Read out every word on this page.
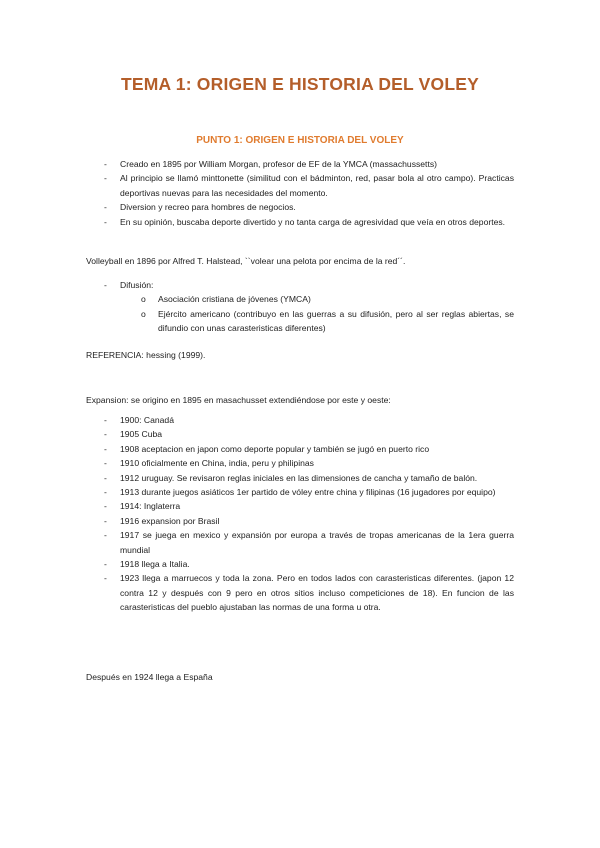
TEMA 1: ORIGEN E HISTORIA DEL VOLEY
PUNTO 1: ORIGEN E HISTORIA DEL VOLEY
- Creado en 1895 por William Morgan, profesor de EF de la YMCA (massachussetts)
- Al principio se llamó minttonette (similitud con el bádminton, red, pasar bola al otro campo). Practicas deportivas nuevas para las necesidades del momento.
- Diversion y recreo para hombres de negocios.
- En su opinión, buscaba deporte divertido y no tanta carga de agresividad que veía en otros deportes.
Volleyball en 1896 por Alfred T. Halstead, ``volear una pelota por encima de la red´´.
- Difusión:
o Asociación cristiana de jóvenes (YMCA)
o Ejército americano (contribuyo en las guerras a su difusión, pero al ser reglas abiertas, se difundio con unas carasteristicas diferentes)
REFERENCIA: hessing (1999).
Expansion: se origino en 1895 en masachusset extendiéndose por este y oeste:
- 1900: Canadá
- 1905 Cuba
- 1908 aceptacion en japon como deporte popular y también se jugó en puerto rico
- 1910 oficialmente en China, india, peru y philipinas
- 1912 uruguay. Se revisaron reglas iniciales en las dimensiones de cancha y tamaño de balón.
- 1913 durante juegos asiáticos 1er partido de vóley entre china y filipinas (16 jugadores por equipo)
- 1914: Inglaterra
- 1916 expansion por Brasil
- 1917 se juega en mexico y expansión por europa a través de tropas americanas de la 1era guerra mundial
- 1918 llega a Italia.
- 1923 llega a marruecos y toda la zona. Pero en todos lados con carasteristicas diferentes. (japon 12 contra 12 y después con 9 pero en otros sitios incluso competiciones de 18). En funcion de las carasteristicas del pueblo ajustaban las normas de una forma u otra.
Después en 1924 llega a España
